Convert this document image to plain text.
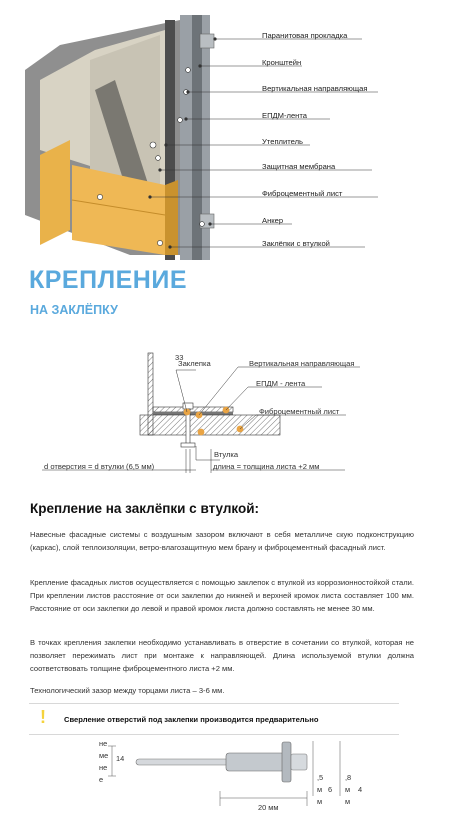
Паранитовая прокладка
Кронштейн
Вертикальная направляющая
ЕПДМ-лента
Утеплитель
Защитная мембрана
Фиброцементный лист
Анкер
Заклёпки с втулкой
КРЕПЛЕНИЕ
НА ЗАКЛЁПКУ
33
Заклепка	Вертикальная направляющая
ЕПДМ - лента
Фиброцементный лист
Втулка
d отверстия = d втулки (6,5 мм)	длина = толщина листа +2 мм
Крепление на заклёпки с втулкой:

Навесные фасадные системы с воздушным зазором включают в себя металличе скую подконструкцию (каркас), слой теплоизоляции, ветро-влагозащитную мем брану и фиброцементный фасадный лист.

Крепление фасадных листов осуществляется с помощью заклепок с втулкой из коррозионностойкой стали. При креплении листов расстояние от оси заклепки до нижней и верхней кромок листа составляет 100 мм. Расстояние от оси заклепки до левой и правой кромок листа должно составлять не менее 30 мм.

В точках крепления заклепки необходимо устанавливать в отверстие в сочетании со втулкой, которая не позволяет пережимать лист при монтаже к направляющей. Длина используемой втулки должна соответствовать толщине фиброцементного листа +2 мм.

Технологический зазор между торцами листа – 3-6 мм.

!	Сверление отверстий под заклепки производится предварительно
не
мe
нe
e
14
20 мм
,5
м
м
6
,8
м
м
4
